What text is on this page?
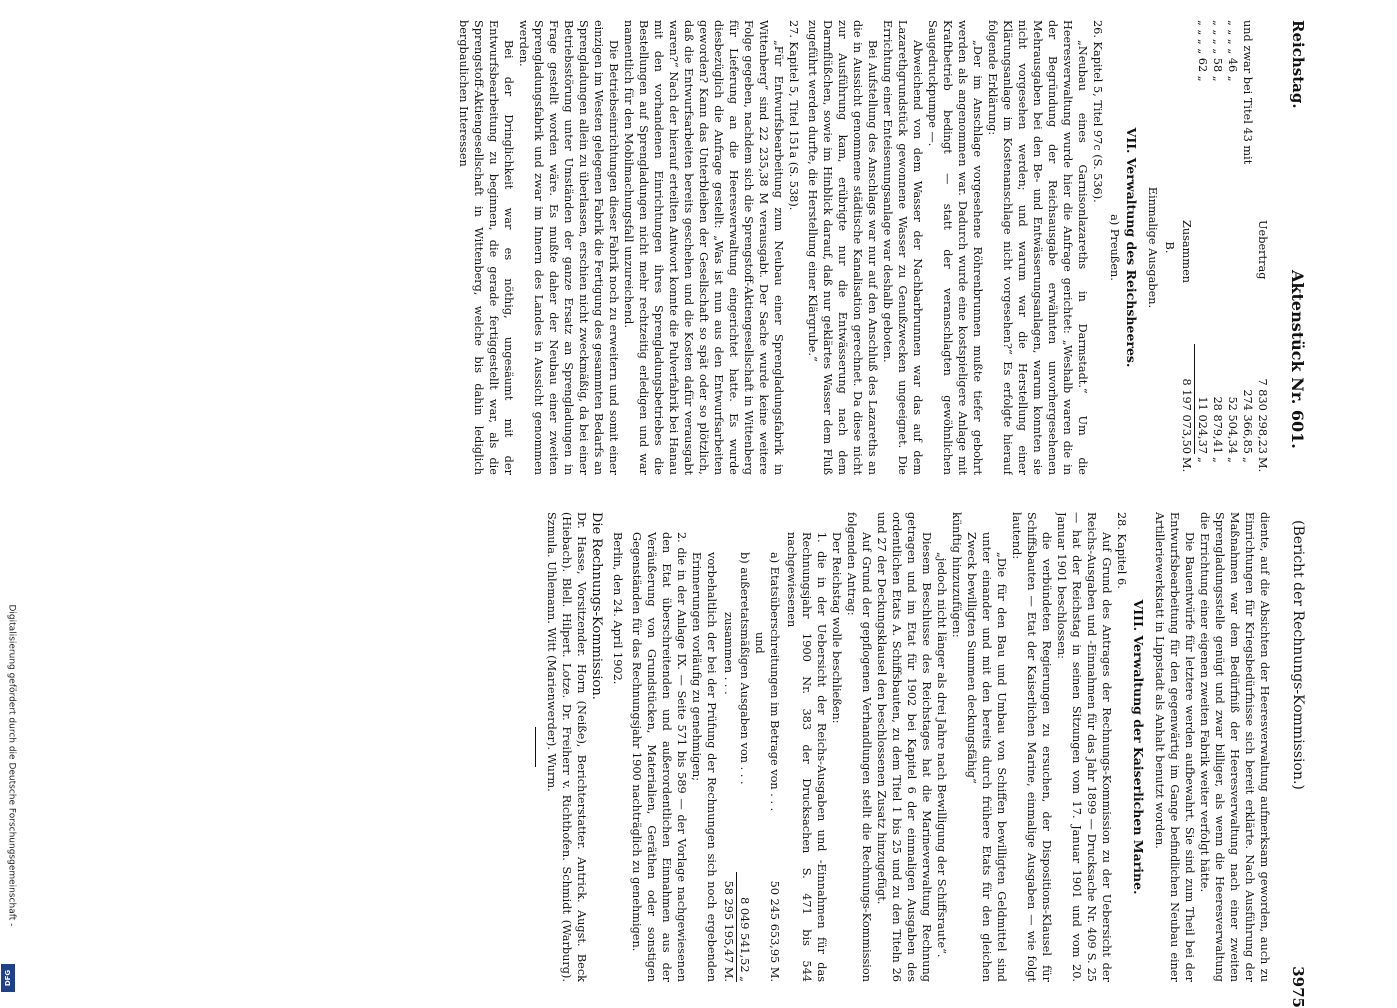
Reichstag.
Aktenstück Nr. 601.
(Bericht der Rechnungs-Kommission.)
3975
Uebertrag	7 830 298,23	M.
und zwar bei Titel 43 mit	274 366,85	„
„ „ „ „ 46 „	52 504,34	„
„ „ „ „ 58 „	28 879,41	„
„ „ „ „ 62 „	11 024,37	„
Zusammen	8 197 073,50	M.
B.
Einmalige Ausgaben.
VII. Verwaltung des Reichsheeres.
a) Preußen.

26. Kapitel 5, Titel 97c (S. 536).

„Neubau eines Garnisonlazareths in Darmstadt.“ Um die Heeresverwaltung wurde hier die Anfrage gerichtet: „Weshalb waren die in der Begründung der Reichsausgabe erwähnten unvorhergesehenen Mehrausgaben bei den Be- und Entwässerungsanlagen, warum konnten sie nicht vorgesehen werden; und warum war die Herstellung einer Klärungsanlage im Kostenanschlage nicht vorgesehen?“ Es erfolgte hierauf folgende Erklärung:

„Der im Anschlage vorgesehene Röhrenbrunnen mußte tiefer gebohrt werden als angenommen war. Dadurch wurde eine kostspieligere Anlage mit Kraftbetrieb bedingt — statt der veranschlagten gewöhnlichen Saugedruckpumpe —.

Abweichend von dem Wasser der Nachbarbrunnen war das auf dem Lazarethgrundstück gewonnene Wasser zu Genußzwecken ungeeignet. Die Errichtung einer Enteisenungsanlage war deshalb geboten.

Bei Aufstellung des Anschlags war nur auf den Anschluß des Lazareths an die in Aussicht genommene städtische Kanalisation gerechnet. Da diese nicht zur Ausführung kam, erübrigte nur die Entwässerung nach dem Darmflüßchen, sowie im Hinblick darauf, daß nur geklärtes Wasser dem Fluß zugeführt werden durfte, die Herstellung einer Klärgrube.“

27. Kapitel 5, Titel 151a (S. 538).

„Für Entwurfsbearbeitung zum Neubau einer Sprengladungsfabrik in Wittenberg“ sind 22 235,38 M verausgabt. Der Sache wurde keine weitere Folge gegeben, nachdem sich die Sprengstoff-Aktiengesellschaft in Wittenberg für Lieferung an die Heeresverwaltung eingerichtet hatte. Es wurde diesbezüglich die Anfrage gestellt: „Was ist nun aus den Entwurfsarbeiten geworden? Kann das Unterbleiben der Gesellschaft so spät oder so plötzlich, daß die Entwurfsarbeiten bereits geschehen und die Kosten dafür verausgabt waren?“ Nach der hierauf erteilten Antwort konnte die Pulverfabrik bei Hanau mit den vorhandenen Einrichtungen ihres Sprengladungsbetriebes die Bestellungen auf Sprengladungen nicht mehr rechtzeitig erledigen und war namentlich für den Mobilmachungsfall unzureichend.

Die Betriebseinrichtungen dieser Fabrik noch zu erweitern und somit einer einzigen im Westen gelegenen Fabrik die Fertigung des gesammten Bedarfs an Sprengladungen allein zu überlassen, erschien nicht zweckmäßig, da bei einer Betriebsstörung unter Umständen der ganze Ersatz an Sprengladungen in Frage gestellt worden wäre. Es mußte daher der Neubau einer zweiten Sprengladungsfabrik und zwar im Innern des Landes in Aussicht genommen werden.

Bei der Dringlichkeit war es nöthig, ungesäumt mit der Entwurfsbearbeitung zu beginnen, die gerade fertiggestellt war, als die Sprengstoff-Aktiengesellschaft in Wittenberg, welche bis dahin lediglich bergbaulichen Interessen

diente, auf die Absichten der Heeresverwaltung aufmerksam geworden, auch zu Einrichtungen für Kriegsbedürfnisse sich bereit erklärte. Nach Ausführung der Maßnahmen war dem Bedürfniß der Heeresverwaltung nach einer zweiten Sprengladungsstelle genügt und zwar billiger, als wenn die Heeresverwaltung die Errichtung einer eigenen zweiten Fabrik weiter verfolgt hätte.

Die Bauentwürfe für letztere werden aufbewahrt. Sie sind zum Theil bei der Entwurfsbearbeitung für den gegenwärtig im Gange befindlichen Neubau einer Artilleriewerkstatt in Lippstadt als Anhalt benutzt worden.

VIII. Verwaltung der Kaiserlichen Marine.

28. Kapitel 6.

Auf Grund des Antrages der Rechnungs-Kommission zu der Uebersicht der Reichs-Ausgaben und -Einnahmen für das Jahr 1899 — Drucksache Nr. 409 S. 25 — hat der Reichstag in seinen Sitzungen vom 17. Januar 1901 und vom 20. Januar 1901 beschlossen:

die verbündeten Regierungen zu ersuchen, der Dispositions-Klausel für Schiffsbauten — Etat der Kaiserlichen Marine, einmalige Ausgaben — wie folgt lautend:

„Die für den Bau und Umbau von Schiffen bewilligten Geldmittel sind unter einander und mit den bereits durch frühere Etats für den gleichen Zweck bewilligten Summen deckungsfähig“

künftig hinzuzufügen:

„jedoch nicht länger als drei Jahre nach Bewilligung der Schiffsraute“.

Diesem Beschlusse des Reichstages hat die Marineverwaltung Rechnung getragen und im Etat für 1902 bei Kapitel 6 der einmaligen Ausgaben des ordentlichen Etats A. Schiffsbauten, zu dem Titel 1 bis 25 und zu den Titeln 26 und 27 der Deckungsklausel den beschlossenen Zusatz hinzugefügt.

Auf Grund der gepflogenen Verhandlungen stellt die Rechnungs-Kommission folgenden Antrag:

Der Reichstag wolle beschließen:

1. die in der Uebersicht der Reichs-Ausgaben und -Einnahmen für das Rechnungsjahr 1900 Nr. 383 der Drucksachen S. 471 bis 544 nachgewiesenen

a) Etatsüberschreitungen im Betrage von . . .	50 245 653,95 M.
und	
b) außeretatsmäßigen Ausgaben von . . .	8 049 541,52 „
zusammen . . .	58 295 195,47 M.

vorbehaltlich der bei der Prüfung der Rechnungen sich noch ergebenden Erinnerungen vorläufig zu genehmigen;

2. die in der Anlage IX. — Seite 571 bis 589 — der Vorlage nachgewiesenen den Etat überschreitenden und außerordentlichen Einnahmen aus der Veräußerung von Grundstücken, Materialien, Geräthen oder sonstigen Gegenständen für das Rechnungsjahr 1900 nachträglich zu genehmigen.

Berlin, den 24. April 1902.

Die Rechnungs-Kommission.

Dr. Hasse, Vorsitzender. Horn (Neiße), Berichterstatter. Antrick. Augst. Beck (Hiebach). Blell. Hilpert. Lotze. Dr. Freiherr v. Richthofen. Schmidt (Warburg). Szmula. Uhlemann. Witt (Marienwerder). Wurm.

Digitalisierung gefördert durch die Deutsche Forschungsgemeinschaft -
DFG
